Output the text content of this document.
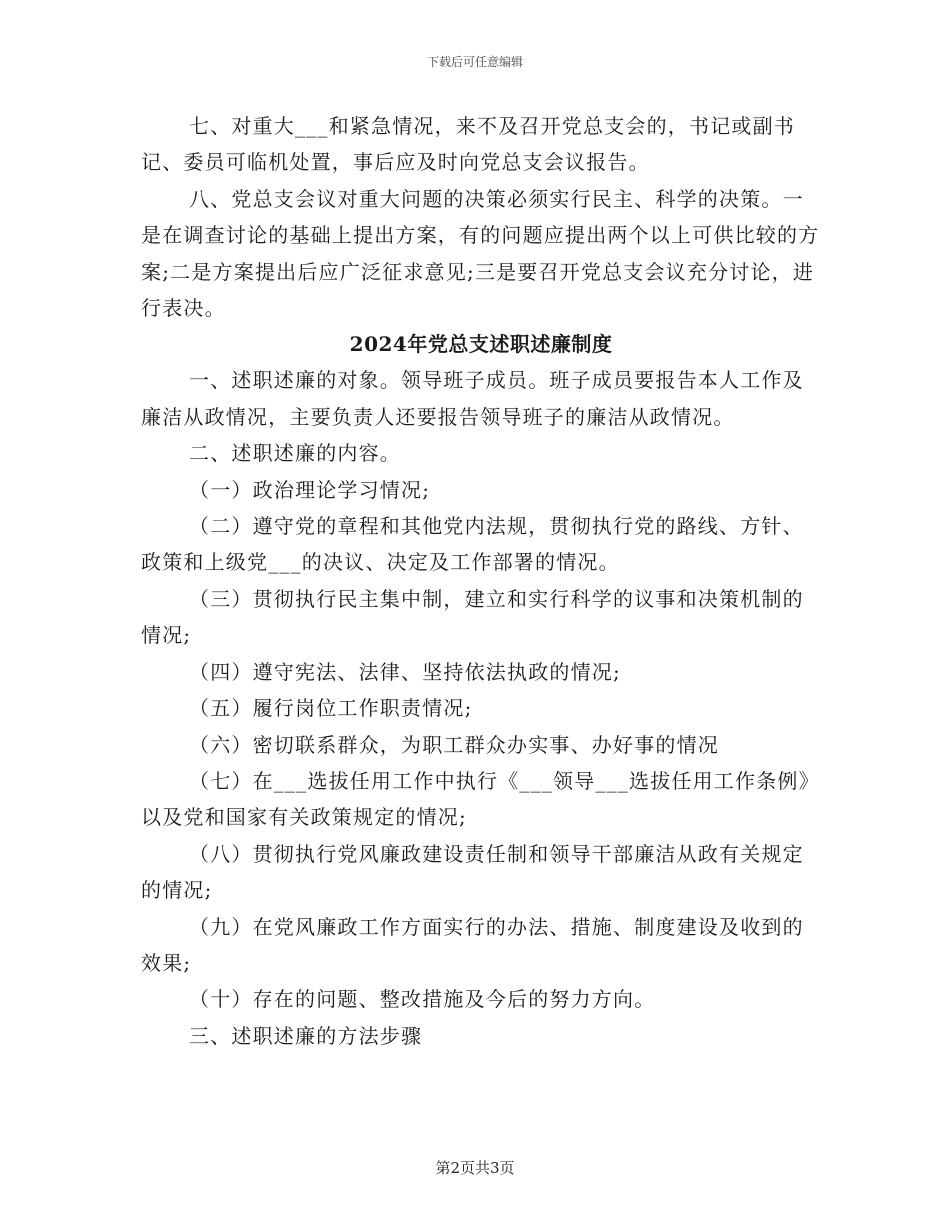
下载后可任意编辑

七、对重大___和紧急情况，来不及召开党总支会的，书记或副书记、委员可临机处置，事后应及时向党总支会议报告。

八、党总支会议对重大问题的决策必须实行民主、科学的决策。一是在调查讨论的基础上提出方案，有的问题应提出两个以上可供比较的方案;二是方案提出后应广泛征求意见;三是要召开党总支会议充分讨论，进行表决。

2024年党总支述职述廉制度

一、述职述廉的对象。领导班子成员。班子成员要报告本人工作及廉洁从政情况，主要负责人还要报告领导班子的廉洁从政情况。

二、述职述廉的内容。

（一）政治理论学习情况;

（二）遵守党的章程和其他党内法规，贯彻执行党的路线、方针、政策和上级党___的决议、决定及工作部署的情况。

（三）贯彻执行民主集中制，建立和实行科学的议事和决策机制的情况;

（四）遵守宪法、法律、坚持依法执政的情况;

（五）履行岗位工作职责情况;

（六）密切联系群众，为职工群众办实事、办好事的情况

（七）在___选拔任用工作中执行《___领导___选拔任用工作条例》以及党和国家有关政策规定的情况;

（八）贯彻执行党风廉政建设责任制和领导干部廉洁从政有关规定的情况;

（九）在党风廉政工作方面实行的办法、措施、制度建设及收到的效果;

（十）存在的问题、整改措施及今后的努力方向。

三、述职述廉的方法步骤

第2页共3页
